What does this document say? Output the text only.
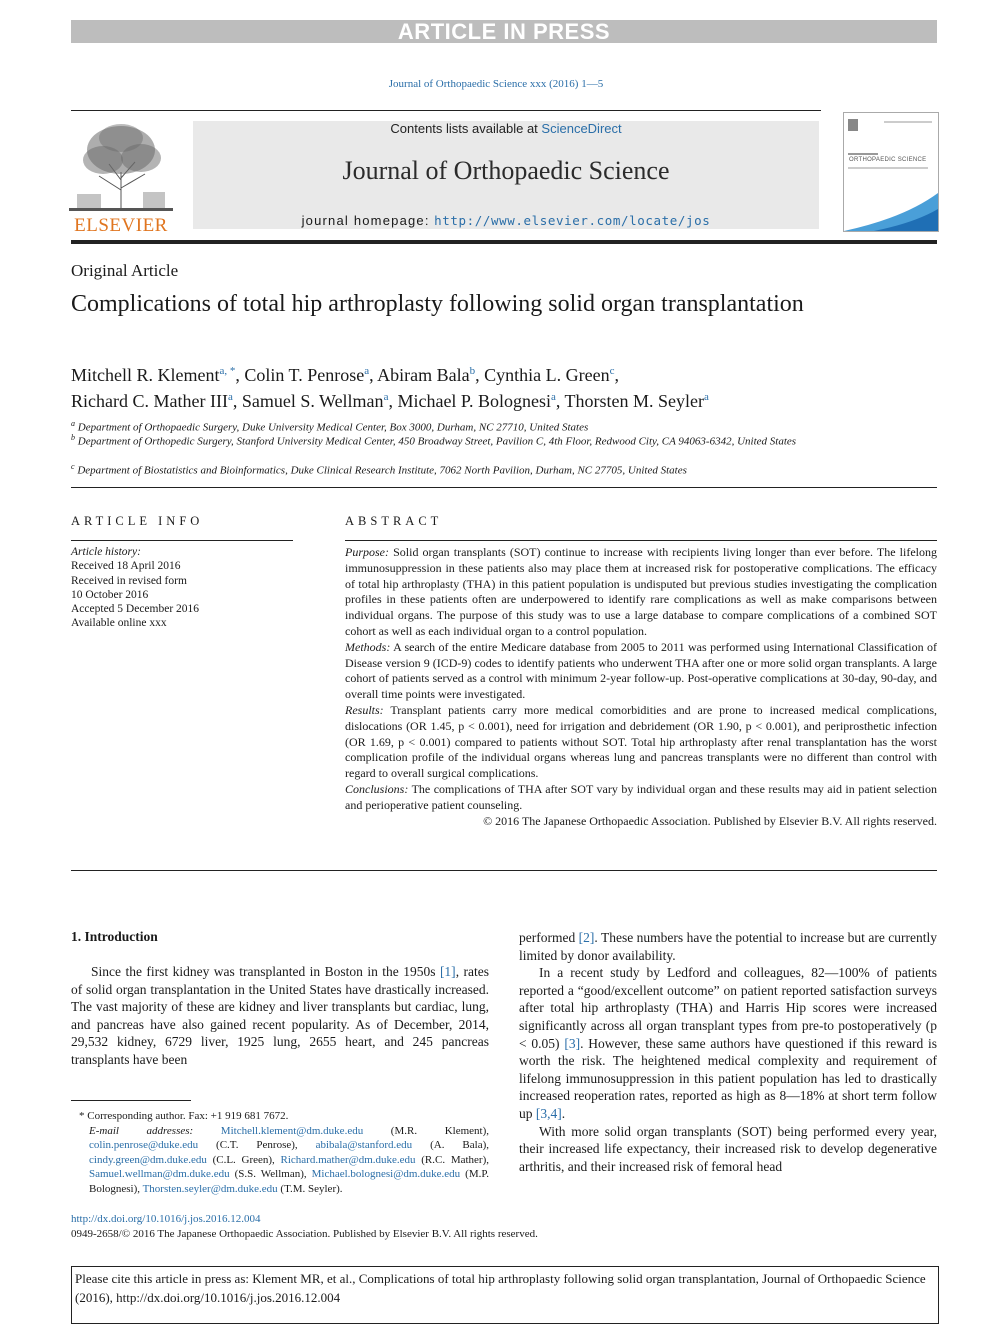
ARTICLE IN PRESS
Journal of Orthopaedic Science xxx (2016) 1—5
ELSEVIER
Contents lists available at ScienceDirect
Journal of Orthopaedic Science
journal homepage: http://www.elsevier.com/locate/jos
ORTHOPAEDIC SCIENCE
Original Article
Complications of total hip arthroplasty following solid organ transplantation
Mitchell R. Klement$^{a, *}$, Colin T. Penrose$^a$, Abiram Bala$^b$, Cynthia L. Green$^c$,
Richard C. Mather III$^a$, Samuel S. Wellman$^a$, Michael P. Bolognesi$^a$, Thorsten M. Seyler$^a$
$^a$ Department of Orthopaedic Surgery, Duke University Medical Center, Box 3000, Durham, NC 27710, United States
$^b$ Department of Orthopedic Surgery, Stanford University Medical Center, 450 Broadway Street, Pavilion C, 4th Floor, Redwood City, CA 94063-6342, United States
$^c$ Department of Biostatistics and Bioinformatics, Duke Clinical Research Institute, 7062 North Pavilion, Durham, NC 27705, United States
ARTICLE INFO
Article history:
Received 18 April 2016
Received in revised form
10 October 2016
Accepted 5 December 2016
Available online xxx
ABSTRACT

Purpose: Solid organ transplants (SOT) continue to increase with recipients living longer than ever before. The lifelong immunosuppression in these patients also may place them at increased risk for postoperative complications. The efficacy of total hip arthroplasty (THA) in this patient population is undisputed but previous studies investigating the complication profiles in these patients often are underpowered to identify rare complications as well as make comparisons between individual organs. The purpose of this study was to use a large database to compare complications of a combined SOT cohort as well as each individual organ to a control population.

Methods: A search of the entire Medicare database from 2005 to 2011 was performed using International Classification of Disease version 9 (ICD-9) codes to identify patients who underwent THA after one or more solid organ transplants. A large cohort of patients served as a control with minimum 2-year follow-up. Post-operative complications at 30-day, 90-day, and overall time points were investigated.

Results: Transplant patients carry more medical comorbidities and are prone to increased medical complications, dislocations (OR 1.45, p < 0.001), need for irrigation and debridement (OR 1.90, p < 0.001), and periprosthetic infection (OR 1.69, p < 0.001) compared to patients without SOT. Total hip arthroplasty after renal transplantation has the worst complication profile of the individual organs whereas lung and pancreas transplants were no different than control with regard to overall surgical complications.

Conclusions: The complications of THA after SOT vary by individual organ and these results may aid in patient selection and perioperative patient counseling.

© 2016 The Japanese Orthopaedic Association. Published by Elsevier B.V. All rights reserved.

1. Introduction

Since the first kidney was transplanted in Boston in the 1950s [1], rates of solid organ transplantation in the United States have drastically increased. The vast majority of these are kidney and liver transplants but cardiac, lung, and pancreas have also gained recent popularity. As of December, 2014, 29,532 kidney, 6729 liver, 1925 lung, 2655 heart, and 245 pancreas transplants have been

performed [2]. These numbers have the potential to increase but are currently limited by donor availability.

In a recent study by Ledford and colleagues, 82—100% of patients reported a “good/excellent outcome” on patient reported satisfaction surveys after total hip arthroplasty (THA) and Harris Hip scores were increased significantly across all organ transplant types from pre-to postoperatively (p < 0.05) [3]. However, these same authors have questioned if this reward is worth the risk. The heightened medical complexity and requirement of lifelong immunosuppression in this patient population has led to drastically increased reoperation rates, reported as high as 8—18% at short term follow up [3,4].

With more solid organ transplants (SOT) being performed every year, their increased life expectancy, their increased risk to develop degenerative arthritis, and their increased risk of femoral head

* Corresponding author. Fax: +1 919 681 7672.
E-mail addresses:	Mitchell.klement@dm.duke.edu (M.R. Klement), colin.penrose@duke.edu (C.T. Penrose), abibala@stanford.edu (A. Bala), cindy.green@dm.duke.edu (C.L. Green), Richard.mather@dm.duke.edu (R.C. Mather), Samuel.wellman@dm.duke.edu (S.S. Wellman), Michael.bolognesi@dm.duke.edu (M.P. Bolognesi), Thorsten.seyler@dm.duke.edu (T.M. Seyler).
http://dx.doi.org/10.1016/j.jos.2016.12.004
0949-2658/© 2016 The Japanese Orthopaedic Association. Published by Elsevier B.V. All rights reserved.
Please cite this article in press as: Klement MR, et al., Complications of total hip arthroplasty following solid organ transplantation, Journal of Orthopaedic Science (2016), http://dx.doi.org/10.1016/j.jos.2016.12.004
